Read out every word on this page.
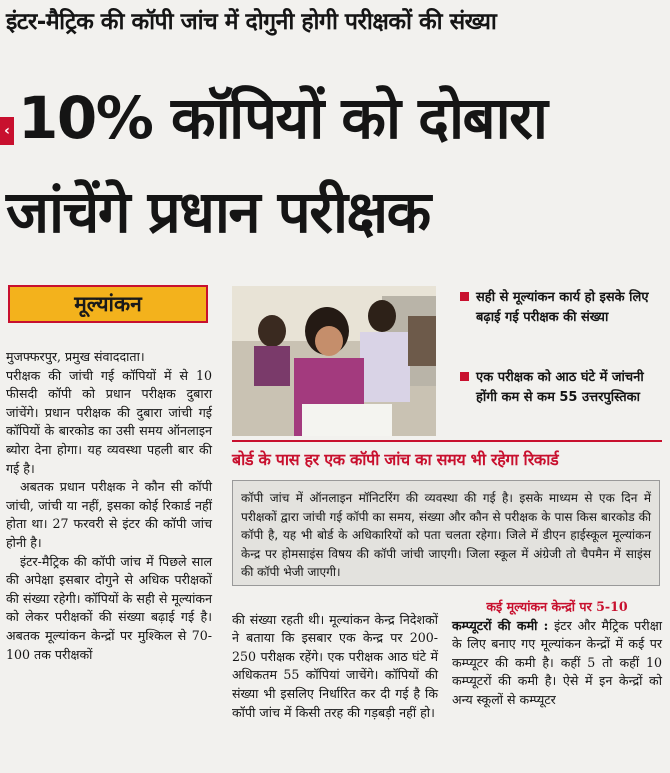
इंटर-मैट्रिक की कॉपी जांच में दोगुनी होगी परीक्षकों की संख्या
‹ 10% कॉपियों को दोबारा
जांचेंगे प्रधान परीक्षक
मूल्यांकन

मुजफ्फरपुर, प्रमुख संवाददाता।

परीक्षक की जांची गई कॉपियों में से 10 फीसदी कॉपी को प्रधान परीक्षक दुबारा जांचेंगे। प्रधान परीक्षक की दुबारा जांची गई कॉपियों के बारकोड का उसी समय ऑनलाइन ब्योरा देना होगा। यह व्यवस्था पहली बार की गई है।

अबतक प्रधान परीक्षक ने कौन सी कॉपी जांची, जांची या नहीं, इसका कोई रिकार्ड नहीं होता था। 27 फरवरी से इंटर की कॉपी जांच होनी है।

इंटर-मैट्रिक की कॉपी जांच में पिछले साल की अपेक्षा इसबार दोगुने से अधिक परीक्षकों की संख्या रहेगी। कॉपियों के सही से मूल्यांकन को लेकर परीक्षकों की संख्या बढ़ाई गई है। अबतक मूल्यांकन केन्द्रों पर मुश्किल से 70-100 तक परीक्षकों

सही से मूल्यांकन कार्य हो इसके लिए बढ़ाई गई परीक्षक की संख्या
एक परीक्षक को आठ घंटे में जांचनी होंगी कम से कम 55 उत्तरपुस्तिका
बोर्ड के पास हर एक कॉपी जांच का समय भी रहेगा रिकार्ड

कॉपी जांच में ऑनलाइन मॉनिटरिंग की व्यवस्था की गई है। इसके माध्यम से एक दिन में परीक्षकों द्वारा जांची गई कॉपी का समय, संख्या और कौन से परीक्षक के पास किस बारकोड की कॉपी है, यह भी बोर्ड के अधिकारियों को पता चलता रहेगा। जिले में डीएन हाईस्कूल मूल्यांकन केन्द्र पर होमसाइंस विषय की कॉपी जांची जाएगी। जिला स्कूल में अंग्रेजी तो चैपमैन में साइंस की कॉपी भेजी जाएगी।

की संख्या रहती थी। मूल्यांकन केन्द्र निदेशकों ने बताया कि इसबार एक केन्द्र पर 200-250 परीक्षक रहेंगे। एक परीक्षक आठ घंटे में अधिकतम 55 कॉपियां जाचेंगे। कॉपियों की संख्या भी इसलिए निर्धारित कर दी गई है कि कॉपी जांच में किसी तरह की गड़बड़ी नहीं हो।

कई मूल्यांकन केन्द्रों पर 5-10

कम्प्यूटरों की कमी : इंटर और मैट्रिक परीक्षा के लिए बनाए गए मूल्यांकन केन्द्रों में कई पर कम्प्यूटर की कमी है। कहीं 5 तो कहीं 10 कम्प्यूटरों की कमी है। ऐसे में इन केन्द्रों को अन्य स्कूलों से कम्प्यूटर
